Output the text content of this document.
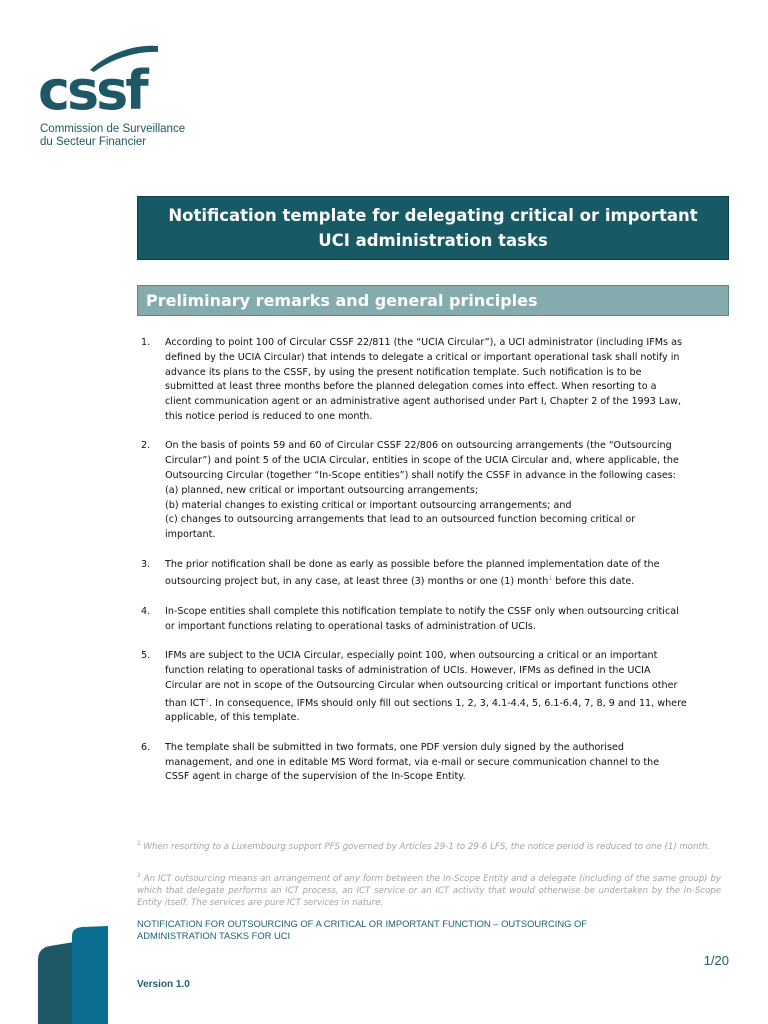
cssf
Commission de Surveillance
du Secteur Financier
Notification template for delegating critical or important
UCI administration tasks
Preliminary remarks and general principles
1. According to point 100 of Circular CSSF 22/811 (the “UCIA Circular”), a UCI administrator (including IFMs as
defined by the UCIA Circular) that intends to delegate a critical or important operational task shall notify in
advance its plans to the CSSF, by using the present notification template. Such notification is to be
submitted at least three months before the planned delegation comes into effect. When resorting to a
client communication agent or an administrative agent authorised under Part I, Chapter 2 of the 1993 Law,
this notice period is reduced to one month.
2. On the basis of points 59 and 60 of Circular CSSF 22/806 on outsourcing arrangements (the “Outsourcing
Circular”) and point 5 of the UCIA Circular, entities in scope of the UCIA Circular and, where applicable, the
Outsourcing Circular (together “In-Scope entities”) shall notify the CSSF in advance in the following cases:
(a) planned, new critical or important outsourcing arrangements;
(b) material changes to existing critical or important outsourcing arrangements; and
(c) changes to outsourcing arrangements that lead to an outsourced function becoming critical or
important.
3. The prior notification shall be done as early as possible before the planned implementation date of the
outsourcing project but, in any case, at least three (3) months or one (1) month$^1$ before this date.
4. In-Scope entities shall complete this notification template to notify the CSSF only when outsourcing critical
or important functions relating to operational tasks of administration of UCIs.
5. IFMs are subject to the UCIA Circular, especially point 100, when outsourcing a critical or an important
function relating to operational tasks of administration of UCIs. However, IFMs as defined in the UCIA
Circular are not in scope of the Outsourcing Circular when outsourcing critical or important functions other
than ICT$^2$. In consequence, IFMs should only fill out sections 1, 2, 3, 4.1-4.4, 5, 6.1-6.4, 7, 8, 9 and 11, where
applicable, of this template.
6. The template shall be submitted in two formats, one PDF version duly signed by the authorised
management, and one in editable MS Word format, via e-mail or secure communication channel to the
CSSF agent in charge of the supervision of the In-Scope Entity.

$^1$ When resorting to a Luxembourg support PFS governed by Articles 29-1 to 29-6 LFS, the notice period is reduced to one (1) month.

$^2$ An ICT outsourcing means an arrangement of any form between the In-Scope Entity and a delegate (including of the same group) by which that delegate performs an ICT process, an ICT service or an ICT activity that would otherwise be undertaken by the In-Scope Entity itself. The services are pure ICT services in nature.

NOTIFICATION FOR OUTSOURCING OF A CRITICAL OR IMPORTANT FUNCTION – OUTSOURCING OF
ADMINISTRATION TASKS FOR UCI
1/20
Version 1.0
